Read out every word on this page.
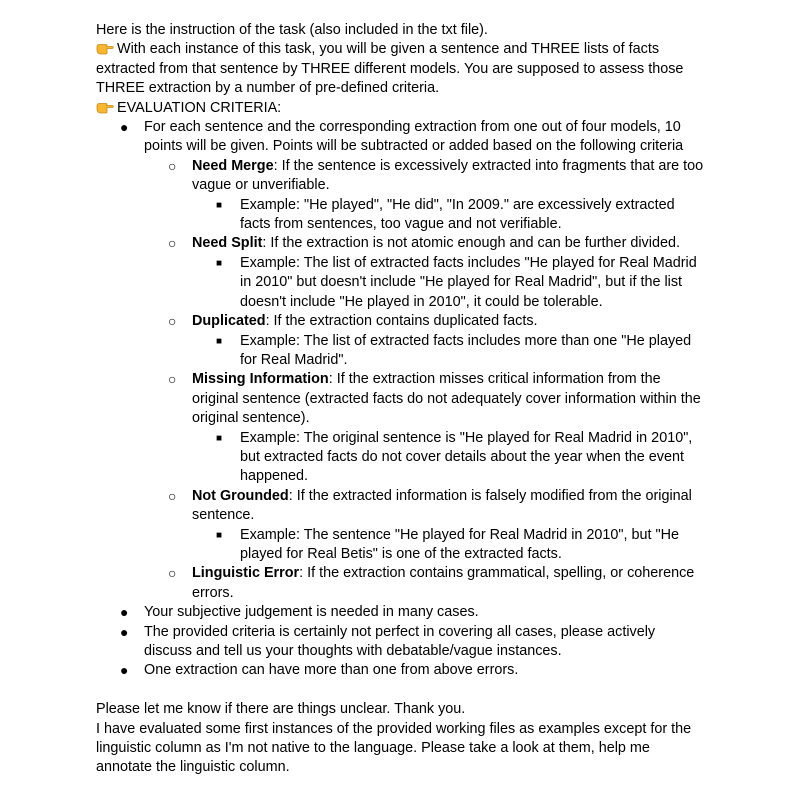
Here is the instruction of the task (also included in the txt file).

With each instance of this task, you will be given a sentence and THREE lists of facts extracted from that sentence by THREE different models. You are supposed to assess those THREE extraction by a number of pre-defined criteria.

EVALUATION CRITERIA:

● For each sentence and the corresponding extraction from one out of four models, 10 points will be given. Points will be subtracted or added based on the following criteria
○ Need Merge: If the sentence is excessively extracted into fragments that are too vague or unverifiable.
■ Example: "He played", "He did", "In 2009." are excessively extracted facts from sentences, too vague and not verifiable.
○ Need Split: If the extraction is not atomic enough and can be further divided.
■ Example: The list of extracted facts includes "He played for Real Madrid in 2010" but doesn't include "He played for Real Madrid", but if the list doesn't include "He played in 2010", it could be tolerable.
○ Duplicated: If the extraction contains duplicated facts.
■ Example: The list of extracted facts includes more than one "He played for Real Madrid".
○ Missing Information: If the extraction misses critical information from the original sentence (extracted facts do not adequately cover information within the original sentence).
■ Example: The original sentence is "He played for Real Madrid in 2010", but extracted facts do not cover details about the year when the event happened.
○ Not Grounded: If the extracted information is falsely modified from the original sentence.
■ Example: The sentence "He played for Real Madrid in 2010", but "He played for Real Betis" is one of the extracted facts.
○ Linguistic Error: If the extraction contains grammatical, spelling, or coherence errors.
● Your subjective judgement is needed in many cases.
● The provided criteria is certainly not perfect in covering all cases, please actively discuss and tell us your thoughts with debatable/vague instances.
● One extraction can have more than one from above errors.

Please let me know if there are things unclear. Thank you.

I have evaluated some first instances of the provided working files as examples except for the linguistic column as I'm not native to the language. Please take a look at them, help me annotate the linguistic column.
